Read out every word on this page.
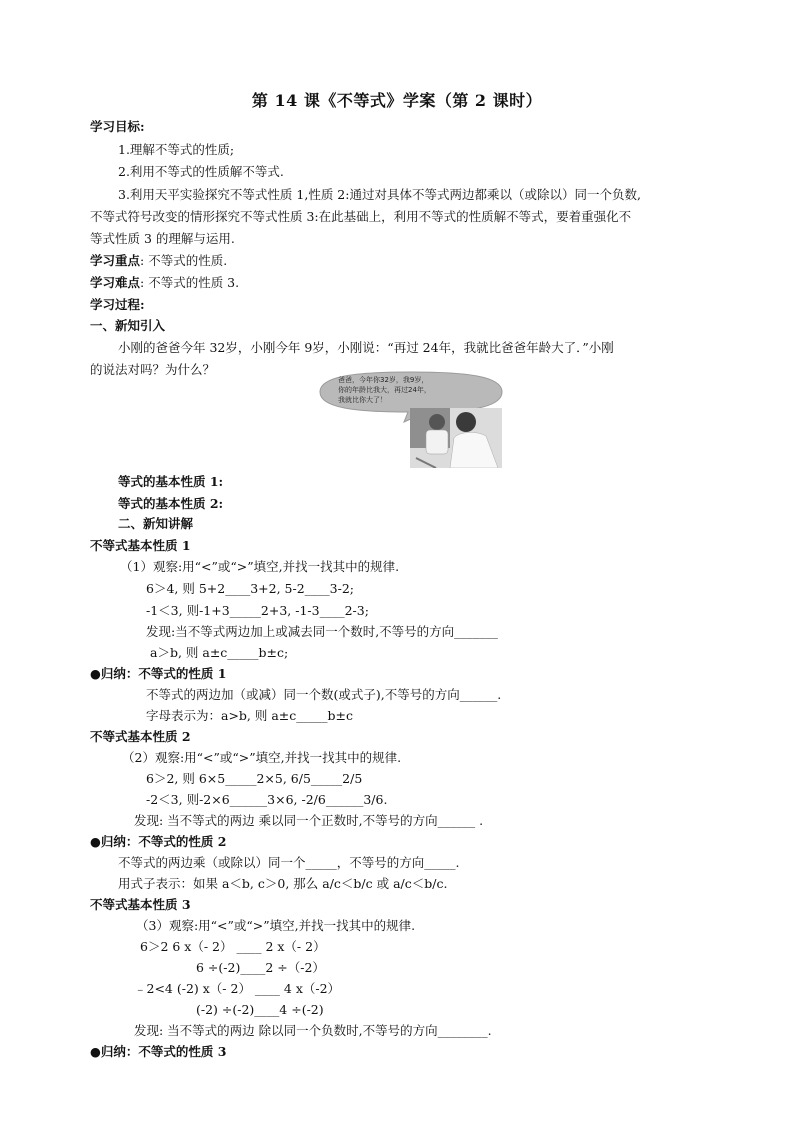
第 14 课《不等式》学案（第 2 课时）
学习目标:
1.理解不等式的性质;
2.利用不等式的性质解不等式.
3.利用天平实验探究不等式性质 1,性质 2:通过对具体不等式两边都乘以（或除以）同一个负数,
不等式符号改变的情形探究不等式性质 3:在此基础上，利用不等式的性质解不等式，要着重强化不
等式性质 3 的理解与运用.
学习重点: 不等式的性质.
学习难点: 不等式的性质 3.
学习过程:
一、新知引入
小刚的爸爸今年 32岁，小刚今年 9岁，小刚说：“再过 24年，我就比爸爸年龄大了．”小刚
的说法对吗？为什么？
爸爸，今年你32岁，我9岁，
你的年龄比我大，再过24年，
我就比你大了！
等式的基本性质 1:
等式的基本性质 2:
二、新知讲解
不等式基本性质 1
（1）观察:用“<”或“>”填空,并找一找其中的规律.
6＞4, 则 5+2____3+2, 5-2____3-2;
-1＜3, 则-1+3_____2+3, -1-3____2-3;
发现:当不等式两边加上或减去同一个数时,不等号的方向_______
a＞b, 则 a±c_____b±c;
●归纳：不等式的性质 1
不等式的两边加（或减）同一个数(或式子),不等号的方向______.
字母表示为：a>b, 则 a±c_____b±c
不等式基本性质 2
（2）观察:用“<”或“>”填空,并找一找其中的规律.
6＞2, 则 6×5_____2×5, 6/5_____2/5
-2＜3, 则-2×6______3×6, -2/6______3/6.
发现: 当不等式的两边 乘以同一个正数时,不等号的方向______ .
●归纳：不等式的性质 2
不等式的两边乘（或除以）同一个_____，不等号的方向_____.
用式子表示：如果 a＜b, c＞0, 那么 a/c＜b/c 或 a/c＜b/c.
不等式基本性质 3
（3）观察:用“<”或“>”填空,并找一找其中的规律.
6＞2 6 x（- 2） ____ 2 x（- 2）
6 ÷(-2)____2 ÷（-2）
﹣2<4 (-2) x（- 2） ____ 4 x（-2）
(-2) ÷(-2)____4 ÷(-2)
发现: 当不等式的两边 除以同一个负数时,不等号的方向________.
●归纳：不等式的性质 3
